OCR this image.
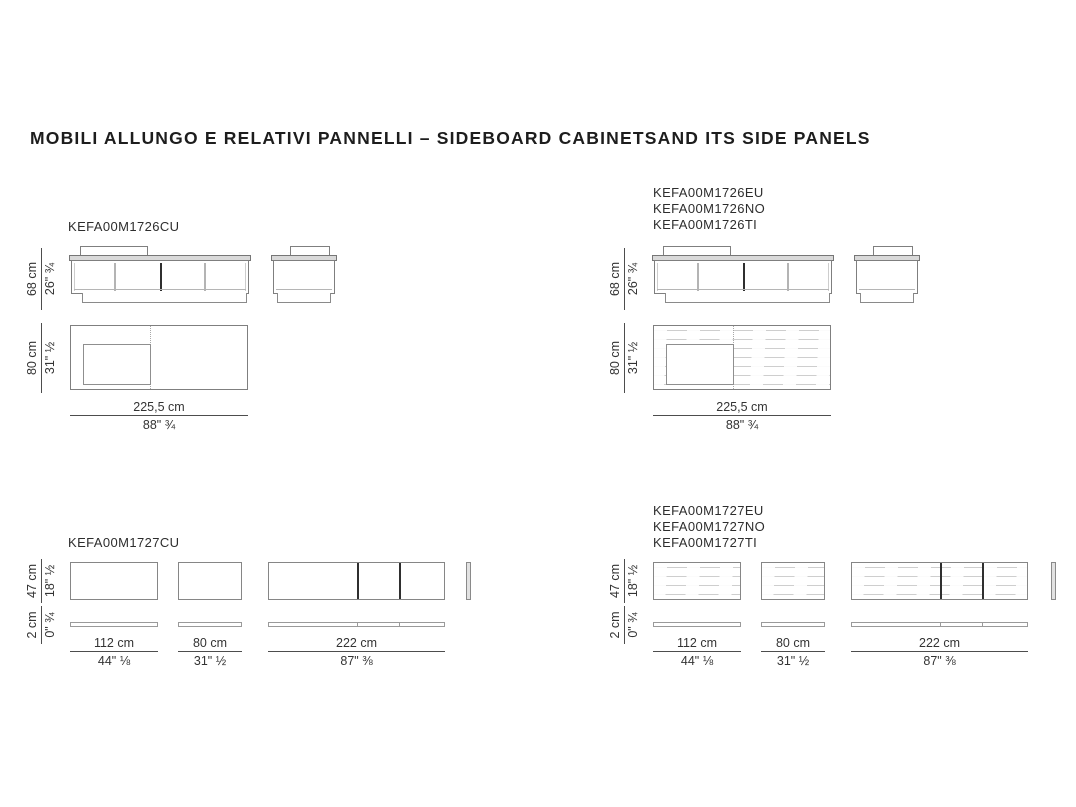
MOBILI ALLUNGO E RELATIVI PANNELLI – SIDEBOARD CABINETSAND ITS SIDE PANELS
KEFA00M1726CU
68 cm 26" ¾
80 cm 31" ½
225,5 cm
88" ¾
KEFA00M1726EU
KEFA00M1726NO
KEFA00M1726TI
68 cm 26" ¾
80 cm 31" ½
225,5 cm
88" ¾
KEFA00M1727CU
47 cm 18" ½
2 cm 0" ¾
112 cm
44" ⅛
80 cm
31" ½
222 cm
87" ⅜
KEFA00M1727EU
KEFA00M1727NO
KEFA00M1727TI
47 cm 18" ½
2 cm 0" ¾
112 cm
44" ⅛
80 cm
31" ½
222 cm
87" ⅜
